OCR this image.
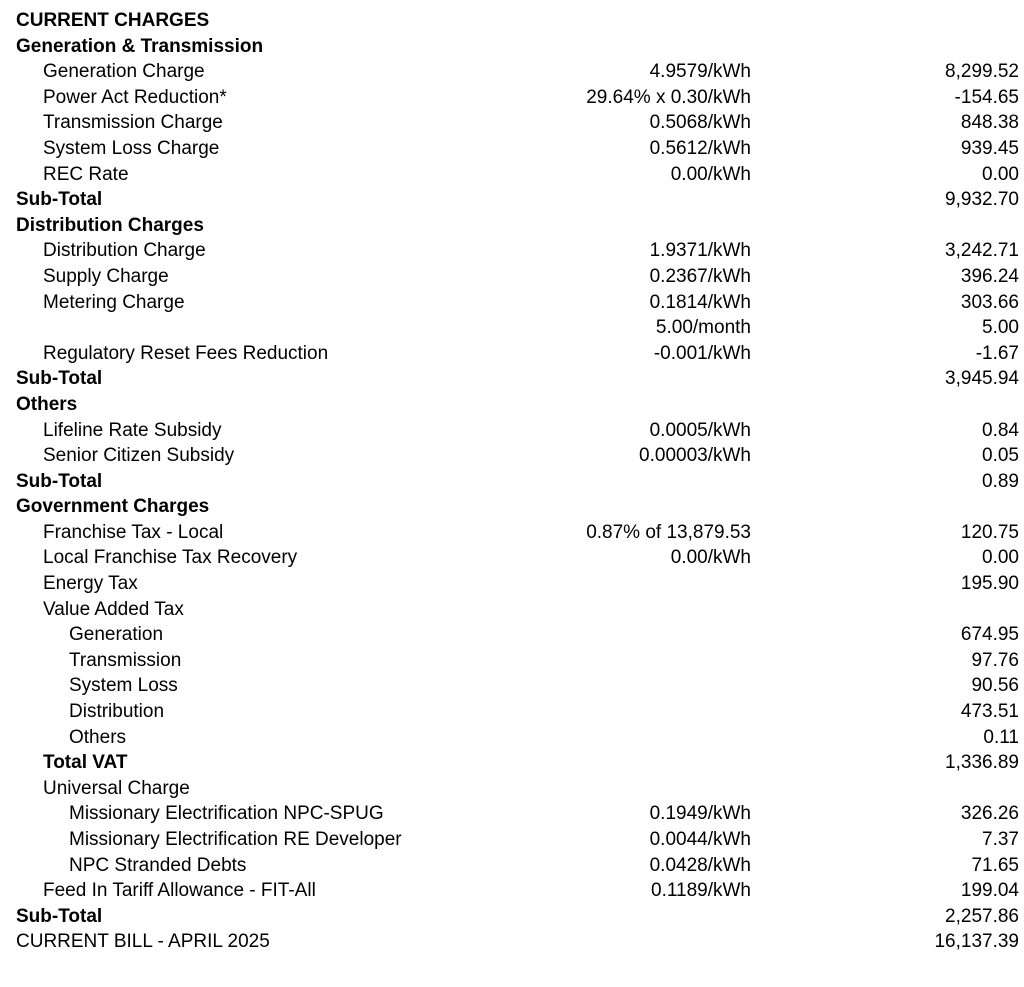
CURRENT CHARGES
Generation & Transmission
Generation Charge	4.9579/kWh	8,299.52
Power Act Reduction*	29.64% x 0.30/kWh	-154.65
Transmission Charge	0.5068/kWh	848.38
System Loss Charge	0.5612/kWh	939.45
REC Rate	0.00/kWh	0.00
Sub-Total	9,932.70
Distribution Charges
Distribution Charge	1.9371/kWh	3,242.71
Supply Charge	0.2367/kWh	396.24
Metering Charge	0.1814/kWh	303.66
5.00/month	5.00
Regulatory Reset Fees Reduction	-0.001/kWh	-1.67
Sub-Total	3,945.94
Others
Lifeline Rate Subsidy	0.0005/kWh	0.84
Senior Citizen Subsidy	0.00003/kWh	0.05
Sub-Total	0.89
Government Charges
Franchise Tax - Local	0.87% of 13,879.53	120.75
Local Franchise Tax Recovery	0.00/kWh	0.00
Energy Tax	195.90
Value Added Tax
Generation	674.95
Transmission	97.76
System Loss	90.56
Distribution	473.51
Others	0.11
Total VAT	1,336.89
Universal Charge
Missionary Electrification NPC-SPUG	0.1949/kWh	326.26
Missionary Electrification RE Developer	0.0044/kWh	7.37
NPC Stranded Debts	0.0428/kWh	71.65
Feed In Tariff Allowance - FIT-All	0.1189/kWh	199.04
Sub-Total	2,257.86
CURRENT BILL - APRIL 2025	16,137.39
